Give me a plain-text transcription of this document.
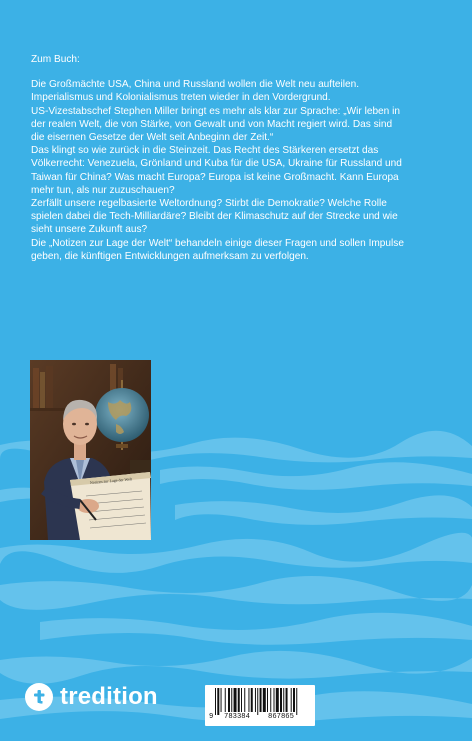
Zum Buch:

Die Großmächte USA, China und Russland wollen die Welt neu aufteilen. Imperialismus und Kolonialismus treten wieder in den Vordergrund.

US-Vizestabschef Stephen Miller bringt es mehr als klar zur Sprache: „Wir leben in der realen Welt, die von Stärke, von Gewalt und von Macht regiert wird. Das sind die eisernen Gesetze der Welt seit Anbeginn der Zeit.“

Das klingt so wie zurück in die Steinzeit. Das Recht des Stärkeren ersetzt das Völkerrecht: Venezuela, Grönland und Kuba für die USA, Ukraine für Russland und Taiwan für China? Was macht Europa? Europa ist keine Großmacht. Kann Europa mehr tun, als nur zuzuschauen?

Zerfällt unsere regelbasierte Weltordnung? Stirbt die Demokratie? Welche Rolle spielen dabei die Tech-Milliardäre? Bleibt der Klimaschutz auf der Strecke und wie sieht unsere Zukunft aus?

Die „Notizen zur Lage der Welt“ behandeln einige dieser Fragen und sollen Impulse geben, die künftigen Entwicklungen aufmerksam zu verfolgen.

Notizen zur Lage der Welt
tredition
9 783384	867865
